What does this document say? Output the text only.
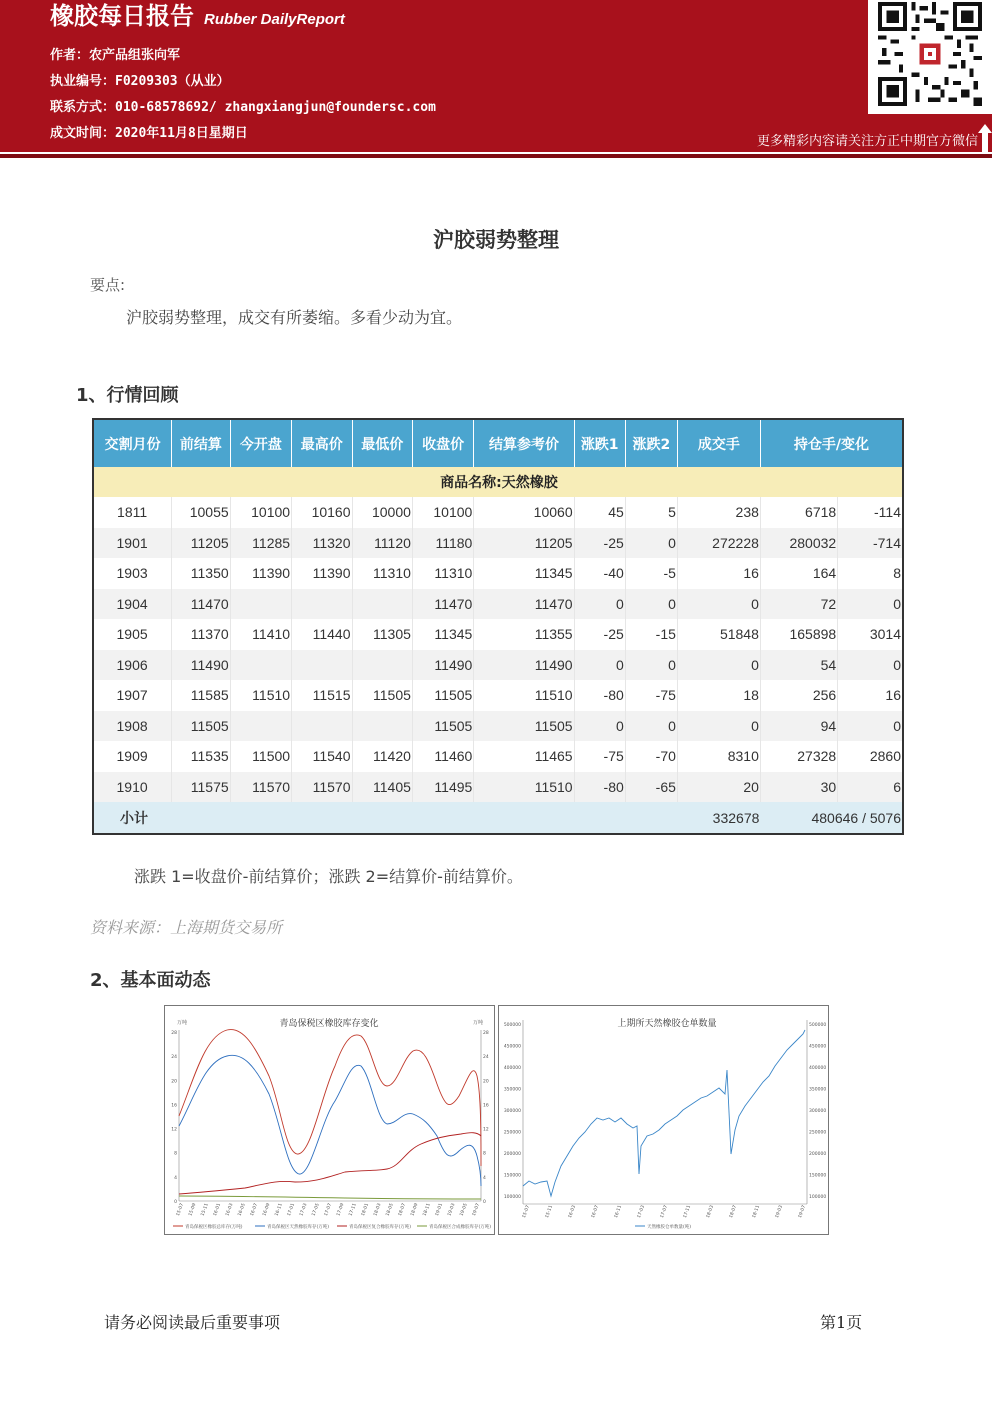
橡胶每日报告 Rubber DailyReport
作者：农产品组张向军
执业编号：F0209303（从业）
联系方式：010-68578692/ zhangxiangjun@foundersc.com
成文时间：2020年11月8日星期日
更多精彩内容请关注方正中期官方微信
沪胶弱势整理
要点:
沪胶弱势整理，成交有所萎缩。多看少动为宜。
1、行情回顾
交割月份	前结算	今开盘	最高价	最低价	收盘价	结算参考价	涨跌1	涨跌2	成交手	持仓手/变化	
商品名称:天然橡胶											
1811	10055	10100	10160	10000	10100	10060	45	5	238	6718	-114
1901	11205	11285	11320	11120	11180	11205	-25	0	272228	280032	-714
1903	11350	11390	11390	11310	11310	11345	-40	-5	16	164	8
1904	11470				11470	11470	0	0	0	72	0
1905	11370	11410	11440	11305	11345	11355	-25	-15	51848	165898	3014
1906	11490				11490	11490	0	0	0	54	0
1907	11585	11510	11515	11505	11505	11510	-80	-75	18	256	16
1908	11505				11505	11505	0	0	0	94	0
1909	11535	11500	11540	11420	11460	11465	-75	-70	8310	27328	2860
1910	11575	11570	11570	11405	11495	11510	-80	-65	20	30	6
小计									332678	480646 / 5076	
涨跌 1=收盘价-前结算价；涨跌 2=结算价-前结算价。
资料来源：上海期货交易所
2、基本面动态
青岛保税区橡胶库存变化
万吨	万吨
28
24
20
16
12
8
4
0
28
24
20
16
12
8
4
0
15-07 15-09 15-11 16-01 16-03 16-05 16-07 16-09 16-11 17-01 17-03 17-05 17-07 17-09 17-11 18-01 18-03 18-05 18-07 18-09 18-11 19-01 19-03 19-05 19-07
青岛保税区橡胶总库存(万吨)	青岛保税区天然橡胶库存(万吨)	青岛保税区复合橡胶库存(万吨)	青岛保税区合成橡胶库存(万吨)
上期所天然橡胶仓单数量
500000
450000
400000
350000
300000
250000
200000
150000
100000
500000
450000
400000
350000
300000
250000
200000
150000
100000
15-07	15-11	16-03	16-07	16-11	17-03	17-07	17-11	18-03	18-07	18-11	19-03	19-07
天然橡胶仓单数量(吨)
请务必阅读最后重要事项	第1页
